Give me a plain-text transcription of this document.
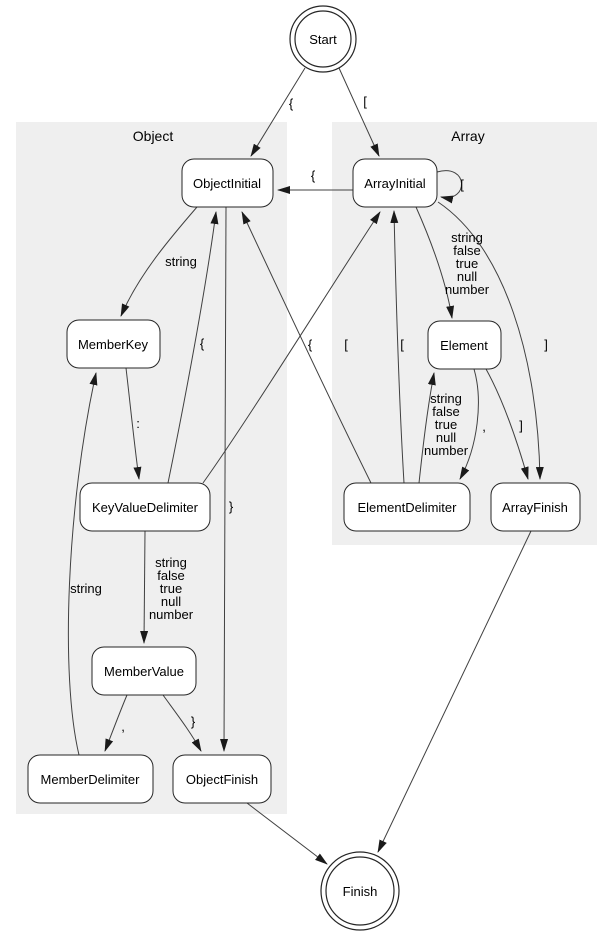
Object	Array
{	[
{
[
string
false
true
null
number
]
,	]
string
false
true
null
number
[
{ [
{
string
:
string
false
true
null
number
,	}
string
}
Start
ObjectInitial	ArrayInitial
MemberKey	Element
KeyValueDelimiter	ElementDelimiter	ArrayFinish
MemberValue
MemberDelimiter	ObjectFinish
Finish
